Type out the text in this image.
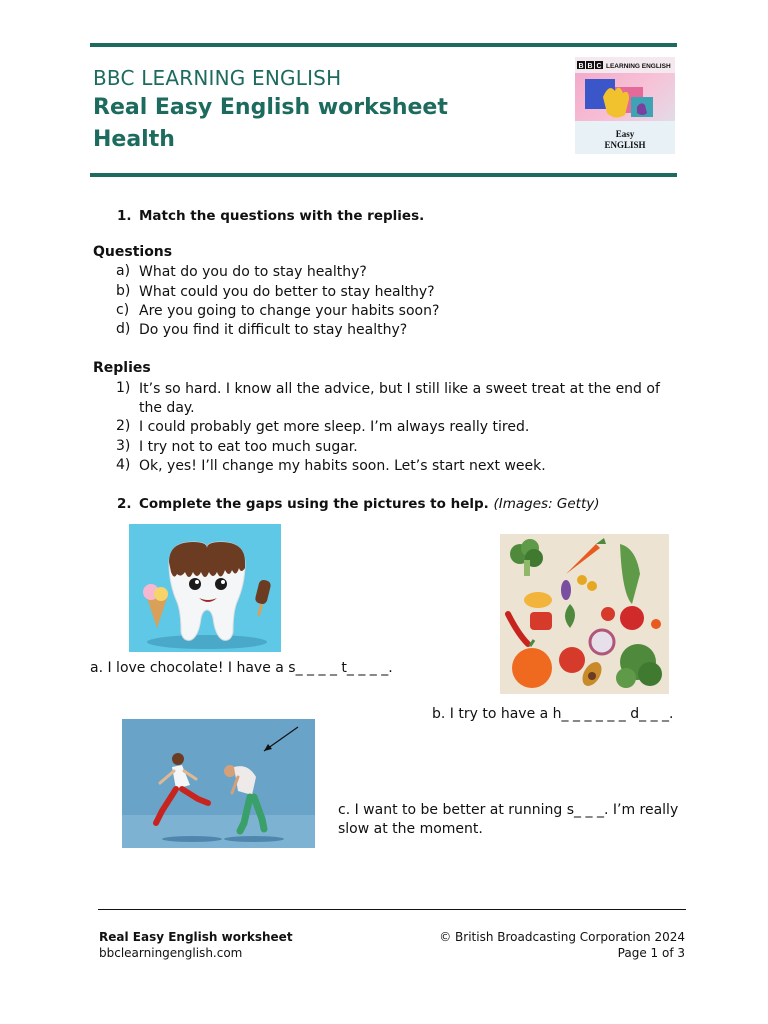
BBC LEARNING ENGLISH
Real Easy English worksheet
Health
B B C LEARNING ENGLISH
Easy
ENGLISH
1. Match the questions with the replies.
Questions
a) What do you do to stay healthy?
b) What could you do better to stay healthy?
c) Are you going to change your habits soon?
d) Do you find it difficult to stay healthy?
Replies
1) It’s so hard. I know all the advice, but I still like a sweet treat at the end of the day.
2) I could probably get more sleep. I’m always really tired.
3) I try not to eat too much sugar.
4) Ok, yes! I’ll change my habits soon. Let’s start next week.
2. Complete the gaps using the pictures to help. (Images: Getty)
a. I love chocolate! I have a s_ _ _ _ t_ _ _ _.
b. I try to have a h_ _ _ _ _ _ d_ _ _.
c. I want to be better at running s_ _ _. I’m really slow at the moment.
Real Easy English worksheet
bbclearningenglish.com
© British Broadcasting Corporation 2024
Page 1 of 3
